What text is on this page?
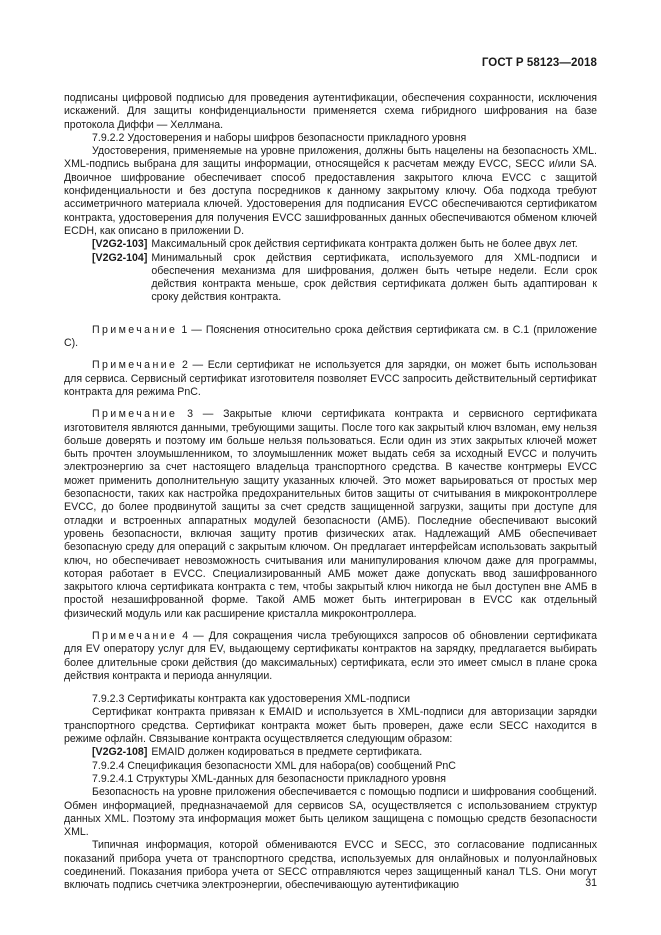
ГОСТ Р 58123—2018

подписаны цифровой подписью для проведения аутентификации, обеспечения сохранности, исключения искажений. Для защиты конфиденциальности применяется схема гибридного шифрования на базе протокола Диффи — Хеллмана.

7.9.2.2 Удостоверения и наборы шифров безопасности прикладного уровня

Удостоверения, применяемые на уровне приложения, должны быть нацелены на безопасность XML. XML-подпись выбрана для защиты информации, относящейся к расчетам между EVCC, SECC и/или SA. Двоичное шифрование обеспечивает способ предоставления закрытого ключа EVCC с защитой конфиденциальности и без доступа посредников к данному закрытому ключу. Оба подхода требуют ассиметричного материала ключей. Удостоверения для подписания EVCC обеспечиваются сертификатом контракта, удостоверения для получения EVCC зашифрованных данных обеспечиваются обменом ключей ECDH, как описано в приложении D.

[V2G2-103] Максимальный срок действия сертификата контракта должен быть не более двух лет.
[V2G2-104] Минимальный срок действия сертификата, используемого для XML-подписи и обеспечения механизма для шифрования, должен быть четыре недели. Если срок действия контракта меньше, срок действия сертификата должен быть адаптирован к сроку действия контракта.

Примечание 1 — Пояснения относительно срока действия сертификата см. в С.1 (приложение С).

Примечание 2 — Если сертификат не используется для зарядки, он может быть использован для сервиса. Сервисный сертификат изготовителя позволяет EVCC запросить действительный сертификат контракта для режима PnC.

Примечание 3 — Закрытые ключи сертификата контракта и сервисного сертификата изготовителя являются данными, требующими защиты. После того как закрытый ключ взломан, ему нельзя больше доверять и поэтому им больше нельзя пользоваться. Если один из этих закрытых ключей может быть прочтен злоумышленником, то злоумышленник может выдать себя за исходный EVCC и получить электроэнергию за счет настоящего владельца транспортного средства. В качестве контрмеры EVCC может применить дополнительную защиту указанных ключей. Это может варьироваться от простых мер безопасности, таких как настройка предохранительных битов защиты от считывания в микроконтроллере EVCC, до более продвинутой защиты за счет средств защищенной загрузки, защиты при доступе для отладки и встроенных аппаратных модулей безопасности (АМБ). Последние обеспечивают высокий уровень безопасности, включая защиту против физических атак. Надлежащий АМБ обеспечивает безопасную среду для операций с закрытым ключом. Он предлагает интерфейсам использовать закрытый ключ, но обеспечивает невозможность считывания или манипулирования ключом даже для программы, которая работает в EVCC. Специализированный АМБ может даже допускать ввод зашифрованного закрытого ключа сертификата контракта с тем, чтобы закрытый ключ никогда не был доступен вне АМБ в простой незашифрованной форме. Такой АМБ может быть интегрирован в EVCC как отдельный физический модуль или как расширение кристалла микроконтроллера.

Примечание 4 — Для сокращения числа требующихся запросов об обновлении сертификата для EV оператору услуг для EV, выдающему сертификаты контрактов на зарядку, предлагается выбирать более длительные сроки действия (до максимальных) сертификата, если это имеет смысл в плане срока действия контракта и периода аннуляции.

7.9.2.3 Сертификаты контракта как удостоверения XML-подписи

Сертификат контракта привязан к EMAID и используется в XML-подписи для авторизации зарядки транспортного средства. Сертификат контракта может быть проверен, даже если SECC находится в режиме офлайн. Связывание контракта осуществляется следующим образом:

[V2G2-108] EMAID должен кодироваться в предмете сертификата.

7.9.2.4 Спецификация безопасности XML для набора(ов) сообщений PnC

7.9.2.4.1 Структуры XML-данных для безопасности прикладного уровня

Безопасность на уровне приложения обеспечивается с помощью подписи и шифрования сообщений. Обмен информацией, предназначаемой для сервисов SA, осуществляется с использованием структур данных XML. Поэтому эта информация может быть целиком защищена с помощью средств безопасности XML.

Типичная информация, которой обмениваются EVCC и SECC, это согласование подписанных показаний прибора учета от транспортного средства, используемых для онлайновых и полуонлайновых соединений. Показания прибора учета от SECC отправляются через защищенный канал TLS. Они могут включать подпись счетчика электроэнергии, обеспечивающую аутентификацию	31
